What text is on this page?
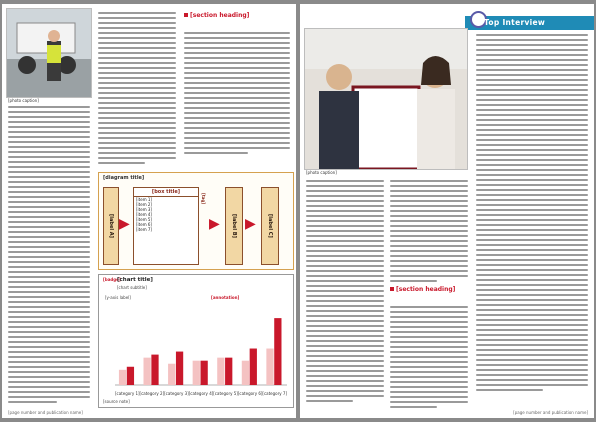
[photo caption]
[section heading]
[diagram title]
[label A] ▶
[box title]
[item 1]
[item 2]
[item 3]
[item 4]
[item 5]
[item 6]
[item 7]
[tag]
▶	[label B] ▶	[label C]
[badge]
[chart title]
[chart subtitle]
[y-axis label]	[annotation]
[category 1] [category 2] [category 3] [category 4] [category 5] [category 6] [category 7]
[source note]
[page number and publication name]
Top Interview
[photo caption]
[section heading]
[page number and publication name]
